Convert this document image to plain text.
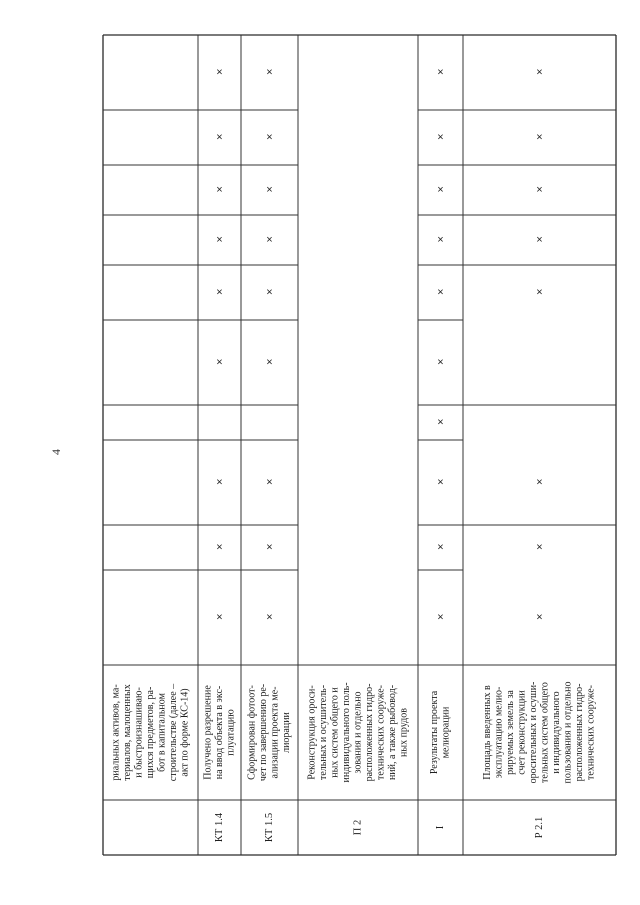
риальных активов, ма- териалов, малоценных и быстроизнашиваю- щихся предметов, ра- бот в капитальном строительстве (далее – акт по форме КС-14)
КТ 1.4
Получено разрешение на ввод объекта в экс- плуатацию
×
×
×
×
×
×
×
×
×
КТ 1.5
Сформирован фотоот- чет по завершению ре- ализации проекта ме- лиорации
×
×
×
×
×
×
×
×
×
П 2
Реконструкция ороси- тельных и осушитель- ных систем общего и индивидуального поль- зования и отдельно расположенных гидро- технических сооруже- ний, а также рыбовод- ных прудов
I
Результаты проекта мелиорации
×
×
×
×
×
×
×
×
×
×
Р 2.1
Площадь введенных в эксплуатацию мелио- рируемых земель за счет реконструкции оросительных и осуши- тельных систем общего и индивидуального пользования и отдельно расположенных гидро- технических сооруже-
×
×
×
×
×
×
×
×
4
